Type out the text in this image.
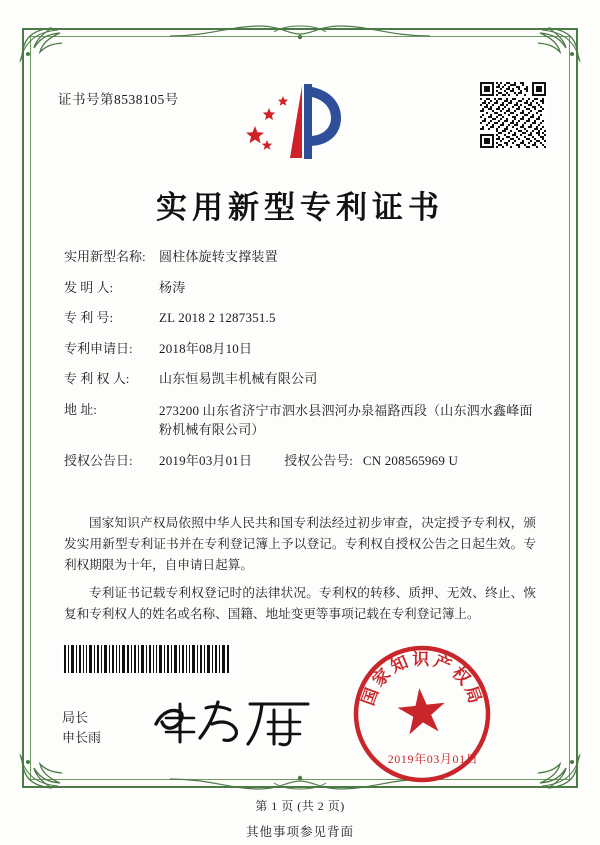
证书号第8538105号
实用新型专利证书
实用新型名称:	圆柱体旋转支撑装置
发 明 人:	杨涛
专 利 号:	ZL 2018 2 1287351.5
专利申请日:	2018年08月10日
专 利 权 人:	山东恒易凯丰机械有限公司
地 址:	273200 山东省济宁市泗水县泗河办泉福路西段（山东泗水鑫峰面粉机械有限公司）
授权公告日:	2019年03月01日 授权公告号: CN 208565969 U

国家知识产权局依照中华人民共和国专利法经过初步审查，决定授予专利权，颁发实用新型专利证书并在专利登记簿上予以登记。专利权自授权公告之日起生效。专利权期限为十年，自申请日起算。

专利证书记载专利权登记时的法律状况。专利权的转移、质押、无效、终止、恢复和专利权人的姓名或名称、国籍、地址变更等事项记载在专利登记簿上。

局长
申长雨
国家知识产权局
2019年03月01日
第 1 页 (共 2 页)
其他事项参见背面
